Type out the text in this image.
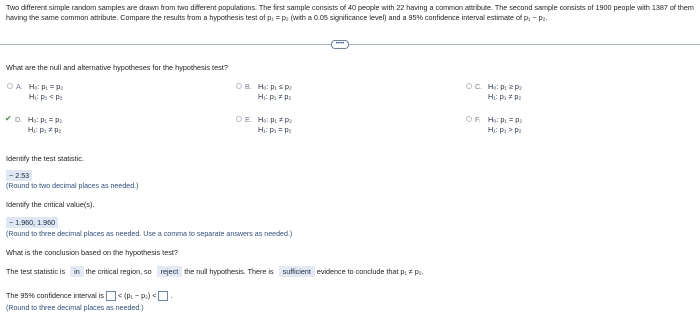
Two different simple random samples are drawn from two different populations. The first sample consists of 40 people with 22 having a common attribute. The second sample consists of 1900 people with 1387 of them having the same common attribute. Compare the results from a hypothesis test of p₁ = p₂ (with a 0.05 significance level) and a 95% confidence interval estimate of p₁ − p₂.
••••
What are the null and alternative hypotheses for the hypothesis test?
A. H₀: p₁ = p₂
H₁: p₁ < p₂
B. H₀: p₁ ≤ p₂
H₁: p₁ ≠ p₂
C. H₀: p₁ ≥ p₂
H₁: p₁ ≠ p₂
✔ D. H₀: p₁ = p₂
H₁: p₁ ≠ p₂
E. H₀: p₁ ≠ p₂
H₁: p₁ = p₂
F.	H₀: p₁ = p₂
H₁: p₁ > p₂
Identify the test statistic.
− 2.53
(Round to two decimal places as needed.)
Identify the critical value(s).
− 1.960, 1.960
(Round to three decimal places as needed. Use a comma to separate answers as needed.)
What is the conclusion based on the hypothesis test?
The test statistic is in the critical region, so reject the null hypothesis. There is sufficient evidence to conclude that p₁ ≠ p₂.
The 95% confidence interval is < (p₁ − p₂) < .
(Round to three decimal places as needed.)
